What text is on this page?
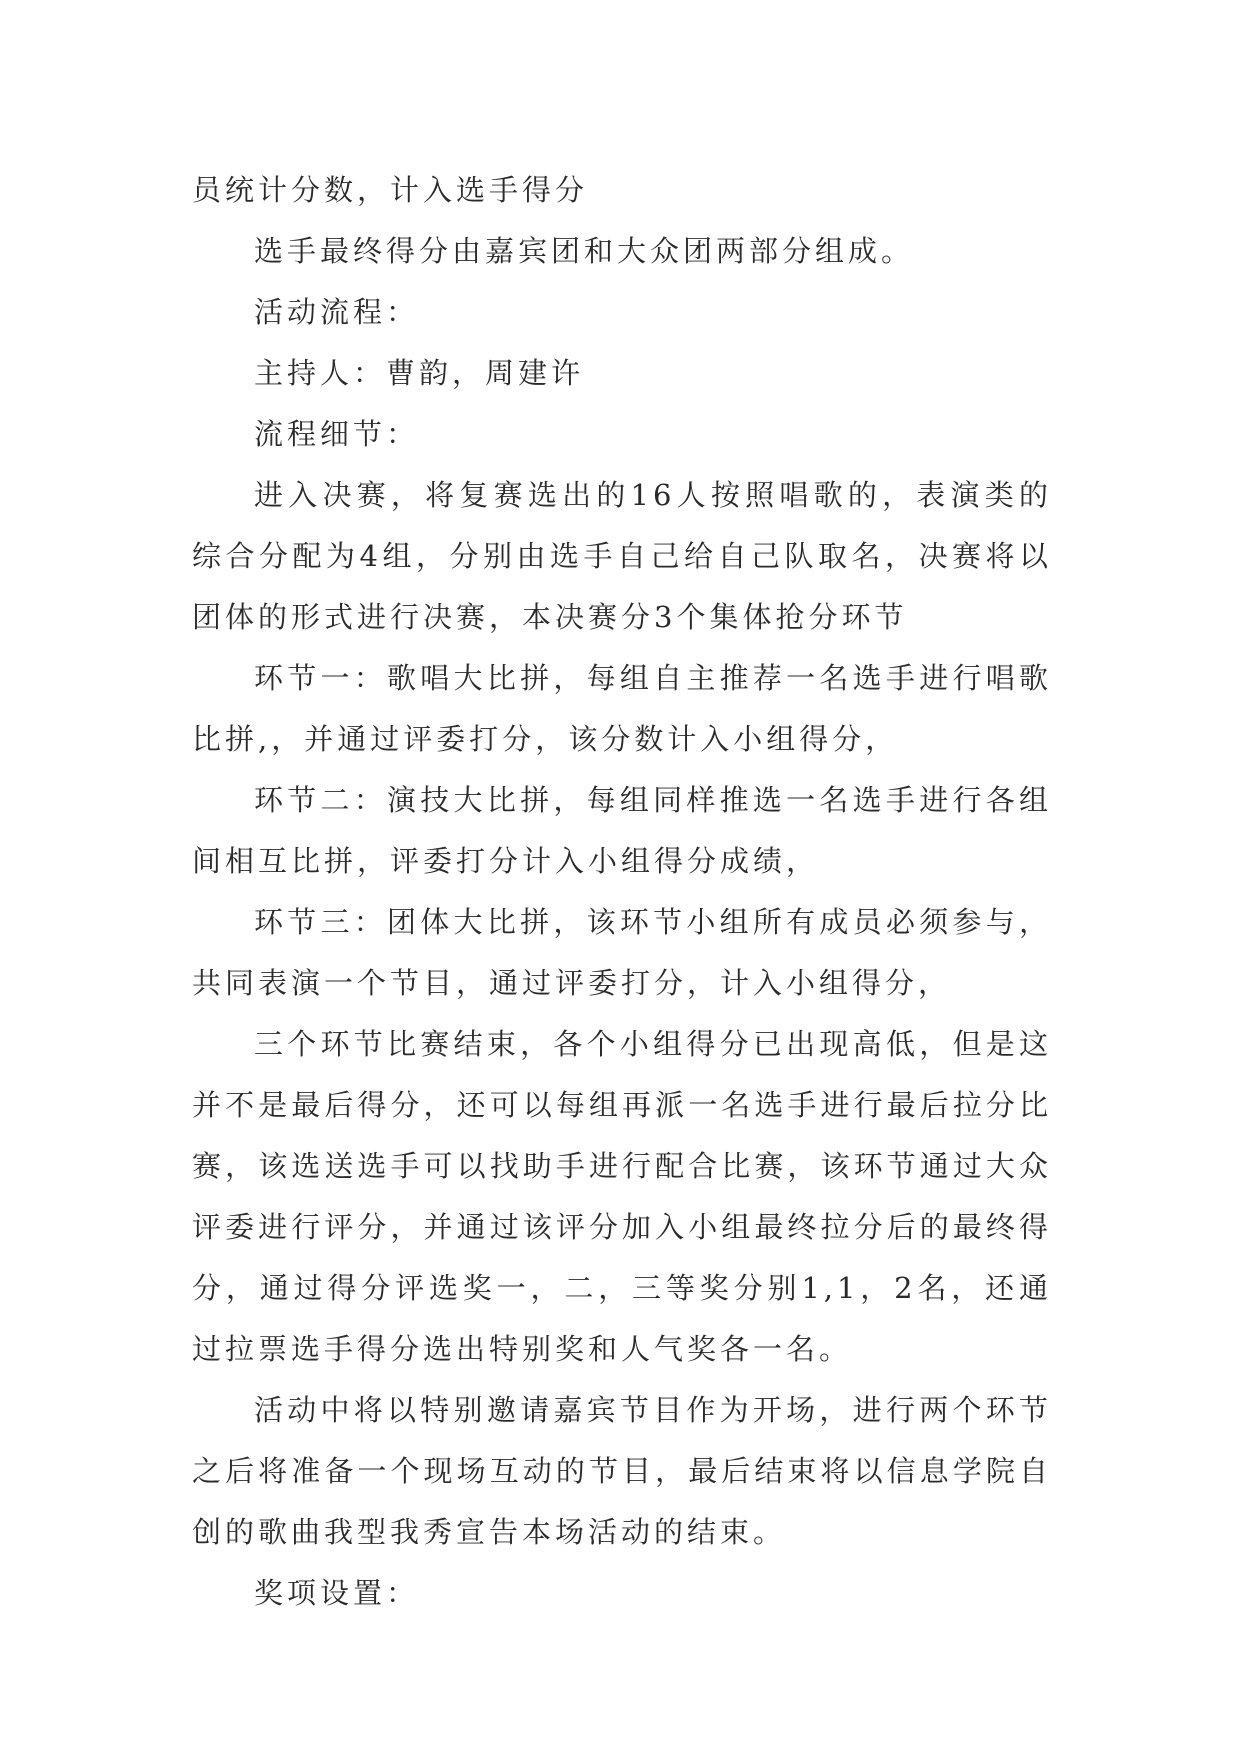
员统计分数，计入选手得分

选手最终得分由嘉宾团和大众团两部分组成。

活动流程：

主持人：曹韵，周建许

流程细节：

进入决赛，将复赛选出的16人按照唱歌的，表演类的综合分配为4组，分别由选手自己给自己队取名，决赛将以团体的形式进行决赛，本决赛分3个集体抢分环节

环节一：歌唱大比拼，每组自主推荐一名选手进行唱歌比拼,，并通过评委打分，该分数计入小组得分，

环节二：演技大比拼，每组同样推选一名选手进行各组间相互比拼，评委打分计入小组得分成绩，

环节三：团体大比拼，该环节小组所有成员必须参与，共同表演一个节目，通过评委打分，计入小组得分，

三个环节比赛结束，各个小组得分已出现高低，但是这并不是最后得分，还可以每组再派一名选手进行最后拉分比赛，该选送选手可以找助手进行配合比赛，该环节通过大众评委进行评分，并通过该评分加入小组最终拉分后的最终得分，通过得分评选奖一，二，三等奖分别1,1，2名，还通过拉票选手得分选出特别奖和人气奖各一名。

活动中将以特别邀请嘉宾节目作为开场，进行两个环节之后将准备一个现场互动的节目，最后结束将以信息学院自创的歌曲我型我秀宣告本场活动的结束。

奖项设置：
